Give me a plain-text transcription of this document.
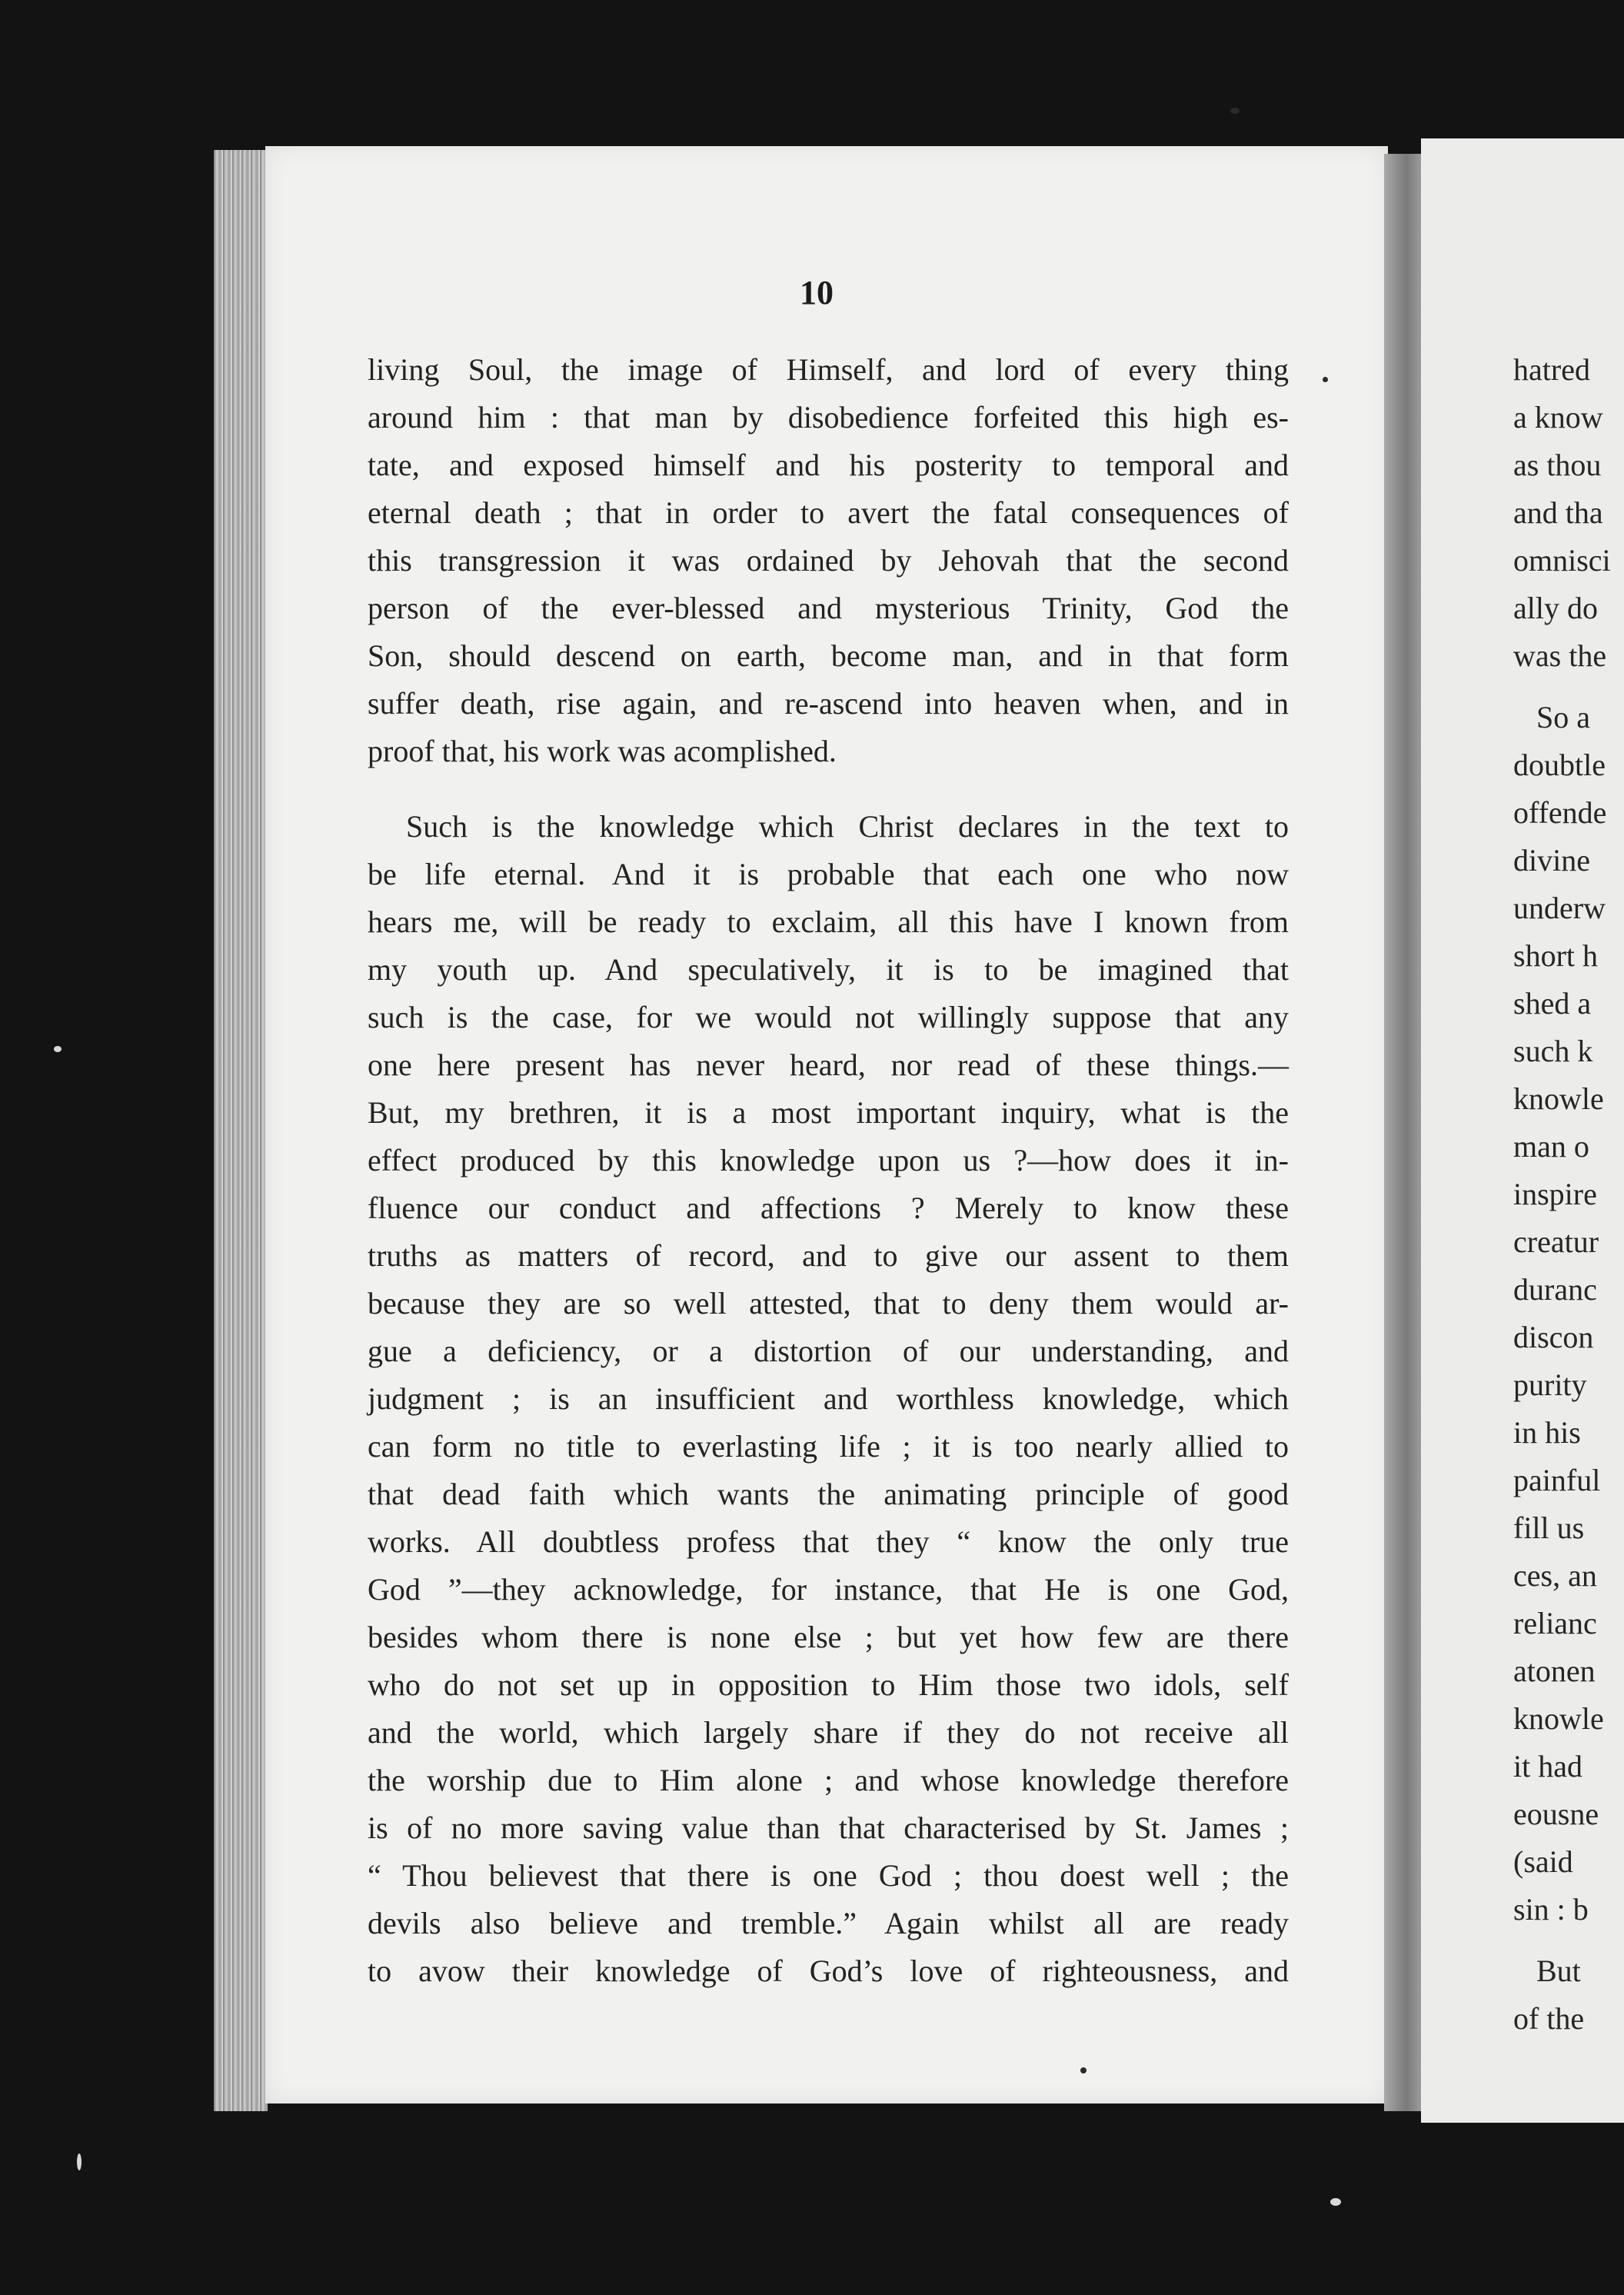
10
living Soul, the image of Himself, and lord of every thing
around him : that man by disobedience forfeited this high es-
tate, and exposed himself and his posterity to temporal and
eternal death ; that in order to avert the fatal consequences of
this transgression it was ordained by Jehovah that the second
person of the ever-blessed and mysterious Trinity, God the
Son, should descend on earth, become man, and in that form
suffer death, rise again, and re-ascend into heaven when, and in
proof that, his work was acomplished.
Such is the knowledge which Christ declares in the text to
be life eternal. And it is probable that each one who now
hears me, will be ready to exclaim, all this have I known from
my youth up. And speculatively, it is to be imagined that
such is the case, for we would not willingly suppose that any
one here present has never heard, nor read of these things.—
But, my brethren, it is a most important inquiry, what is the
effect produced by this knowledge upon us ?—how does it in-
fluence our conduct and affections ? Merely to know these
truths as matters of record, and to give our assent to them
because they are so well attested, that to deny them would ar-
gue a deficiency, or a distortion of our understanding, and
judgment ; is an insufficient and worthless knowledge, which
can form no title to everlasting life ; it is too nearly allied to
that dead faith which wants the animating principle of good
works. All doubtless profess that they “ know the only true
God ”—they acknowledge, for instance, that He is one God,
besides whom there is none else ; but yet how few are there
who do not set up in opposition to Him those two idols, self
and the world, which largely share if they do not receive all
the worship due to Him alone ; and whose knowledge therefore
is of no more saving value than that characterised by St. James ;
“ Thou believest that there is one God ; thou doest well ; the
devils also believe and tremble.” Again whilst all are ready
to avow their knowledge of God’s love of righteousness, and
hatred
a know
as thou
and tha
omnisci
ally do
was the
So a
doubtle
offende
divine
underw
short h
shed a
such k
knowle
man o
inspire
creatur
duranc
discon
purity
in his
painful
fill us
ces, an
relianc
atonen
knowle
it had
eousne
(said
sin : b
But
of the
